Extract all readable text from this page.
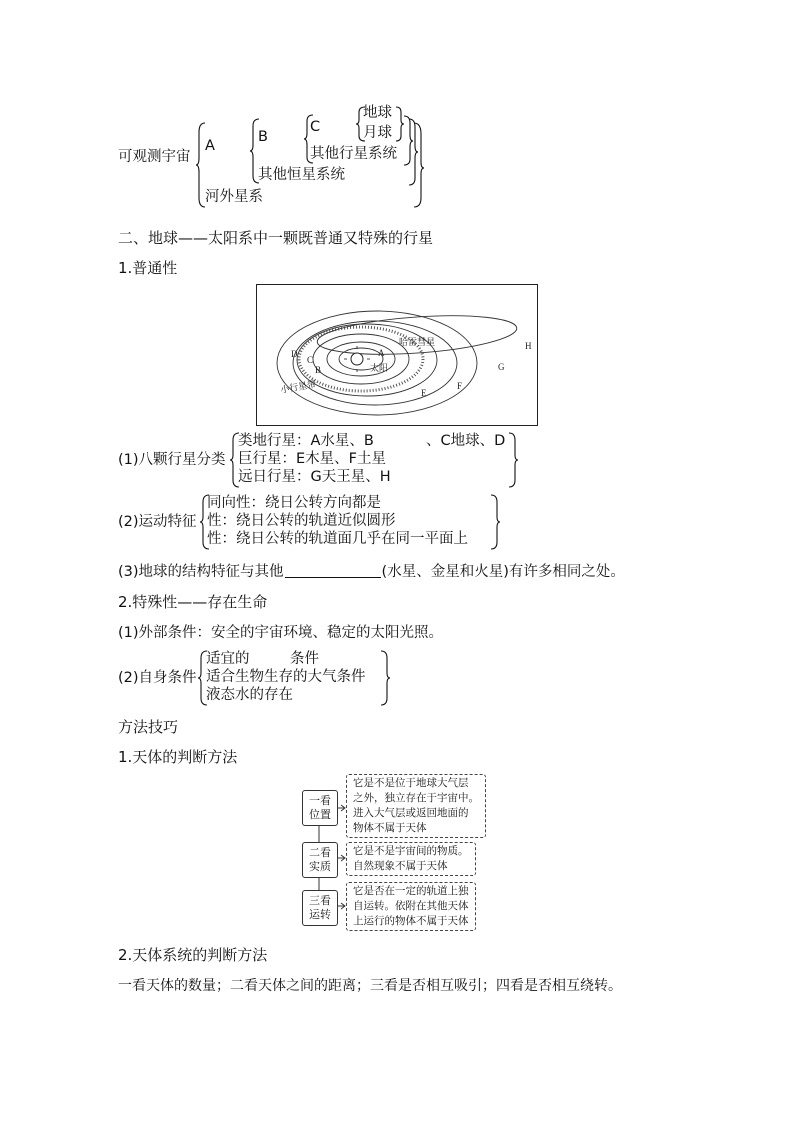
可观测宇宙
A
河外星系
B
其他恒星系统
C
其他行星系统
地球
月球
二、地球——太阳系中一颗既普通又特殊的行星
1.普通性
太阳
哈雷彗星
小行星带
A
B
C
D
E
F
G
H
(1)八颗行星分类
类地行星：A水星、B	、C地球、D
巨行星：E木星、F土星
远日行星：G天王星、H
(2)运动特征
同向性：绕日公转方向都是
性：绕日公转的轨道近似圆形
性：绕日公转的轨道面几乎在同一平面上
(3)地球的结构特征与其他	(水星、金星和火星)有许多相同之处。
2.特殊性——存在生命
(1)外部条件：安全的宇宙环境、稳定的太阳光照。
(2)自身条件
适宜的	条件
适合生物生存的大气条件
液态水的存在
方法技巧
1.天体的判断方法
一看
位置
它是不是位于地球大气层
之外，独立存在于宇宙中。
进入大气层或返回地面的
物体不属于天体
二看
实质
它是不是宇宙间的物质。
自然现象不属于天体
三看
运转
它是否在一定的轨道上独
自运转。依附在其他天体
上运行的物体不属于天体
2.天体系统的判断方法
一看天体的数量；二看天体之间的距离；三看是否相互吸引；四看是否相互绕转。
